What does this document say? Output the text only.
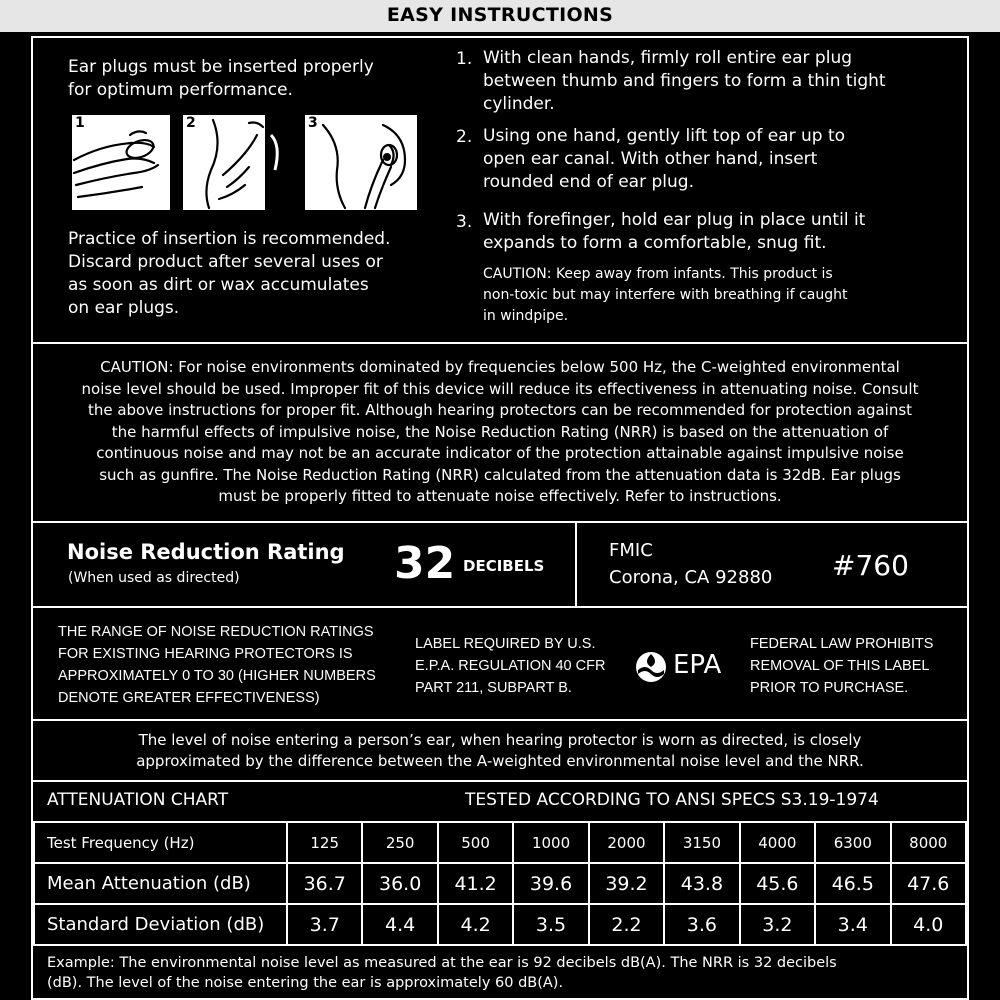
EASY INSTRUCTIONS
Ear plugs must be inserted properly
for optimum performance.
1	2	3
Practice of insertion is recommended.
Discard product after several uses or
as soon as dirt or wax accumulates
on ear plugs.
1. With clean hands, firmly roll entire ear plug
between thumb and fingers to form a thin tight
cylinder.
2. Using one hand, gently lift top of ear up to
open ear canal. With other hand, insert
rounded end of ear plug.
3. With forefinger, hold ear plug in place until it
expands to form a comfortable, snug fit.
CAUTION: Keep away from infants. This product is
non-toxic but may interfere with breathing if caught
in windpipe.
CAUTION: For noise environments dominated by frequencies below 500 Hz, the C-weighted environmental
noise level should be used. Improper fit of this device will reduce its effectiveness in attenuating noise. Consult
the above instructions for proper fit. Although hearing protectors can be recommended for protection against
the harmful effects of impulsive noise, the Noise Reduction Rating (NRR) is based on the attenuation of
continuous noise and may not be an accurate indicator of the protection attainable against impulsive noise
such as gunfire. The Noise Reduction Rating (NRR) calculated from the attenuation data is 32dB. Ear plugs
must be properly fitted to attenuate noise effectively. Refer to instructions.
Noise Reduction Rating
(When used as directed)	32 DECIBELS
FMIC
Corona, CA 92880 #760
THE RANGE OF NOISE REDUCTION RATINGS
FOR EXISTING HEARING PROTECTORS IS
APPROXIMATELY 0 TO 30 (HIGHER NUMBERS
DENOTE GREATER EFFECTIVENESS)
LABEL REQUIRED BY U.S.
E.P.A. REGULATION 40 CFR
PART 211, SUBPART B.
EPA
FEDERAL LAW PROHIBITS
REMOVAL OF THIS LABEL
PRIOR TO PURCHASE.
The level of noise entering a person’s ear, when hearing protector is worn as directed, is closely
approximated by the difference between the A-weighted environmental noise level and the NRR.
ATTENUATION CHART	TESTED ACCORDING TO ANSI SPECS S3.19-1974
Test Frequency (Hz)	125	250	500	1000	2000	3150	4000	6300	8000
Mean Attenuation (dB)	36.7	36.0	41.2	39.6	39.2	43.8	45.6	46.5	47.6
Standard Deviation (dB)	3.7	4.4	4.2	3.5	2.2	3.6	3.2	3.4	4.0
Example: The environmental noise level as measured at the ear is 92 decibels dB(A). The NRR is 32 decibels
(dB). The level of the noise entering the ear is approximately 60 dB(A).
